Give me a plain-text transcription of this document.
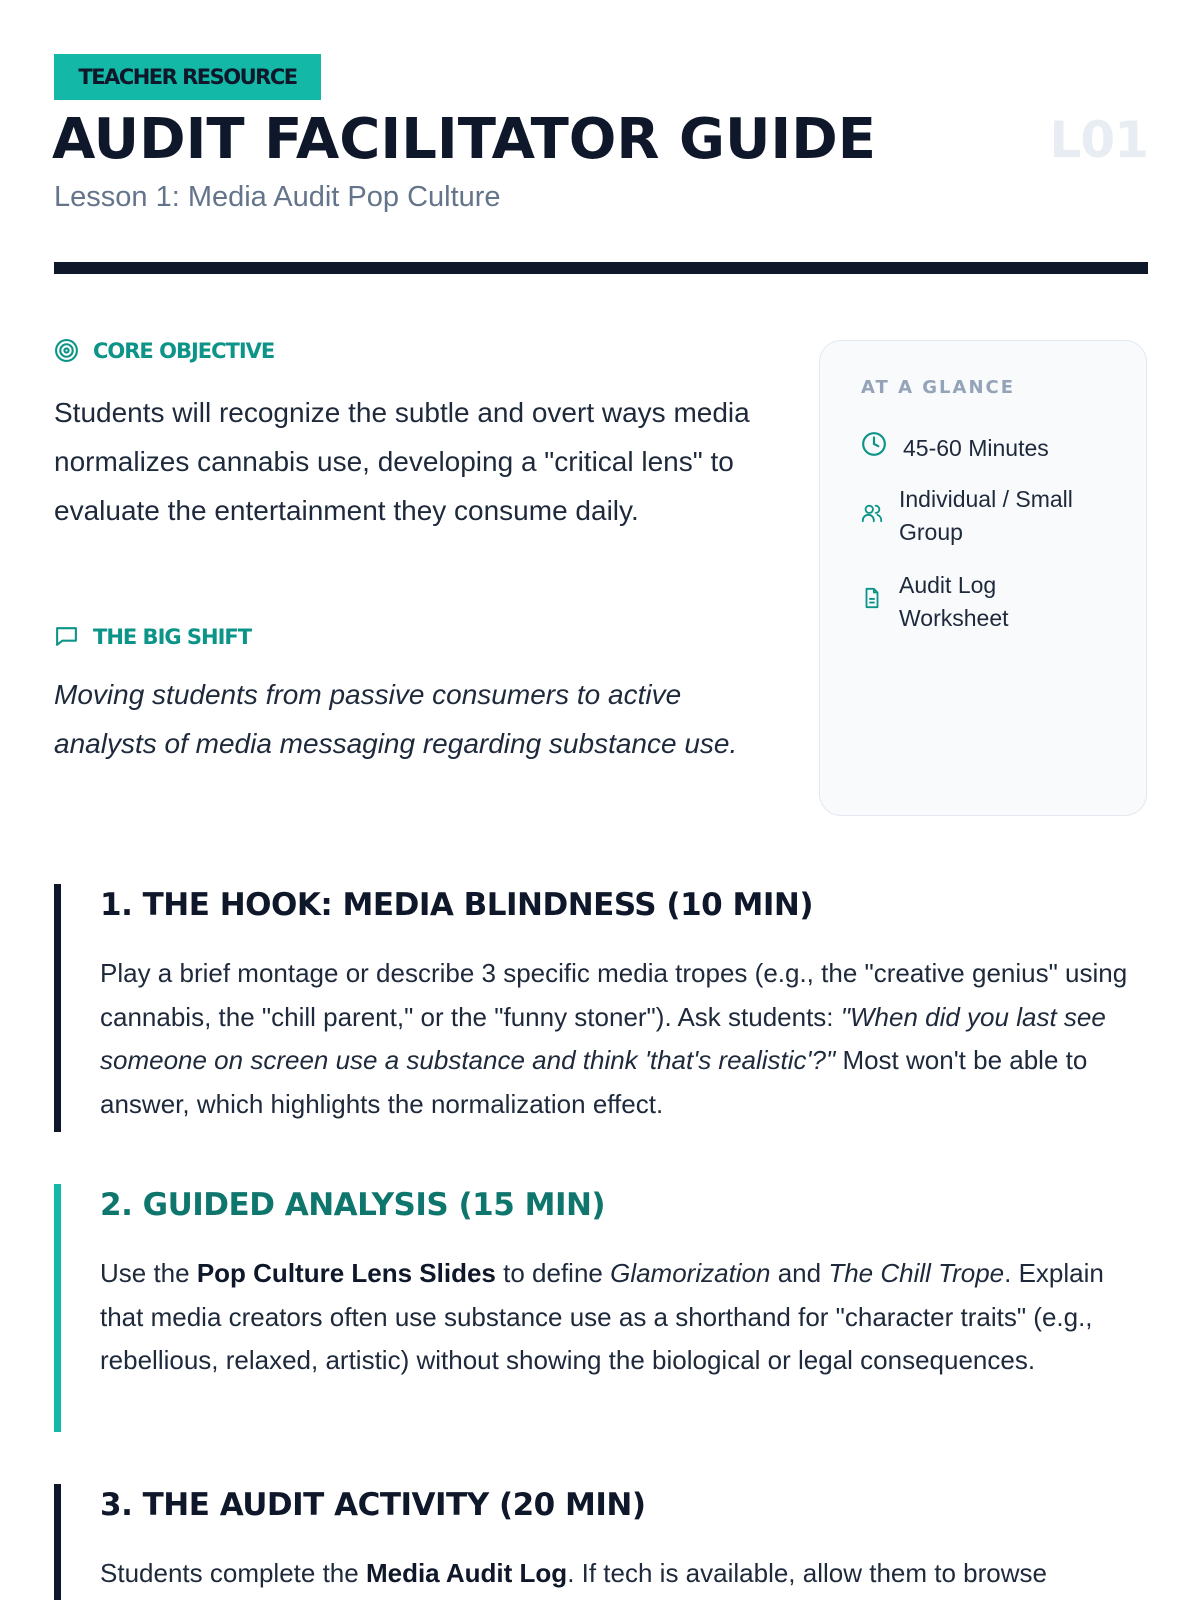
TEACHER RESOURCE
AUDIT FACILITATOR GUIDE	L01
Lesson 1: Media Audit Pop Culture
CORE OBJECTIVE

Students will recognize the subtle and overt ways media normalizes cannabis use, developing a "critical lens" to evaluate the entertainment they consume daily.

THE BIG SHIFT

Moving students from passive consumers to active analysts of media messaging regarding substance use.

AT A GLANCE
45-60 Minutes
Individual / Small Group
Audit Log Worksheet
1. THE HOOK: MEDIA BLINDNESS (10 MIN)

Play a brief montage or describe 3 specific media tropes (e.g., the "creative genius" using cannabis, the "chill parent," or the "funny stoner"). Ask students: "When did you last see someone on screen use a substance and think 'that's realistic'?" Most won't be able to answer, which highlights the normalization effect.

2. GUIDED ANALYSIS (15 MIN)

Use the Pop Culture Lens Slides to define Glamorization and The Chill Trope. Explain that media creators often use substance use as a shorthand for "character traits" (e.g., rebellious, relaxed, artistic) without showing the biological or legal consequences.

3. THE AUDIT ACTIVITY (20 MIN)

Students complete the Media Audit Log. If tech is available, allow them to browse
